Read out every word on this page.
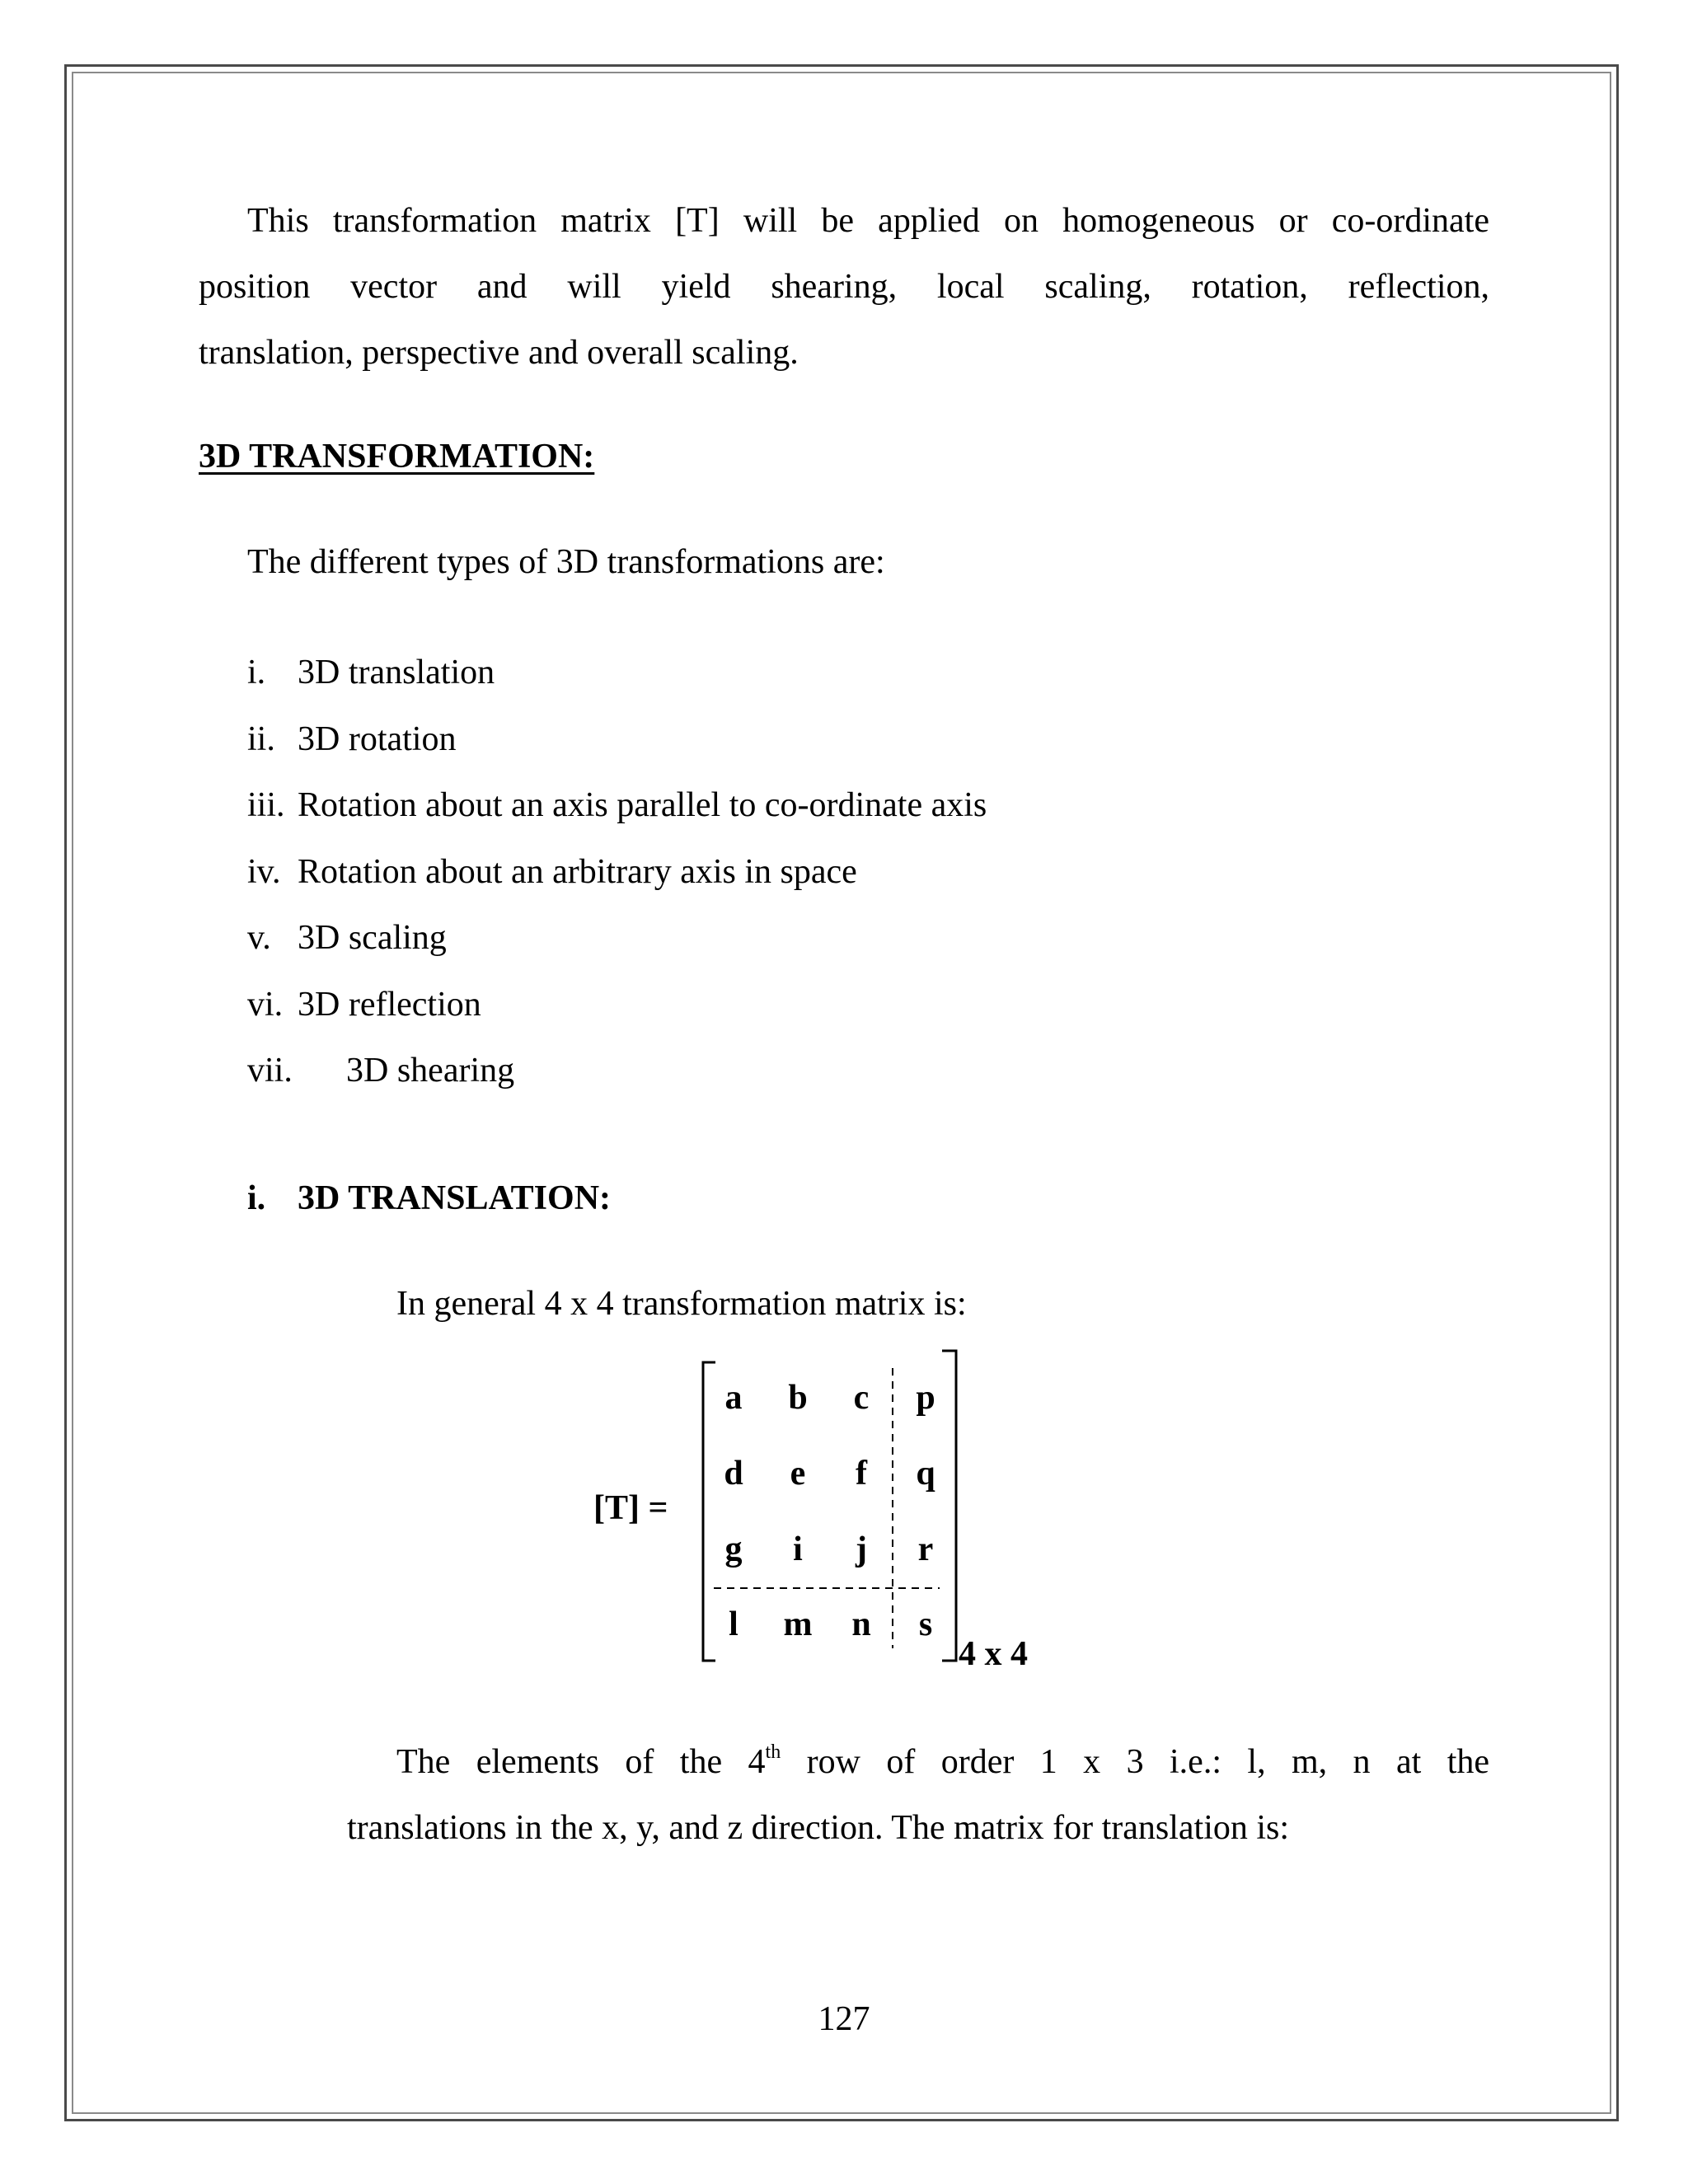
This transformation matrix [T] will be applied on homogeneous or co-ordinate
position vector and will yield shearing, local scaling, rotation, reflection,
translation, perspective and overall scaling.
3D TRANSFORMATION:
The different types of 3D transformations are:
i. 3D translation
ii. 3D rotation
iii. Rotation about an axis parallel to co-ordinate axis
iv. Rotation about an arbitrary axis in space
v. 3D scaling
vi. 3D reflection
vii. 3D shearing
i. 3D TRANSLATION:
In general 4 x 4 transformation matrix is:
[T] =
a b c p
d e	f	q
g	i	j	r
l	m n s
4 x 4
The elements of the 4th row of order 1 x 3 i.e.: l, m, n at the
translations in the x, y, and z direction. The matrix for translation is:
127
